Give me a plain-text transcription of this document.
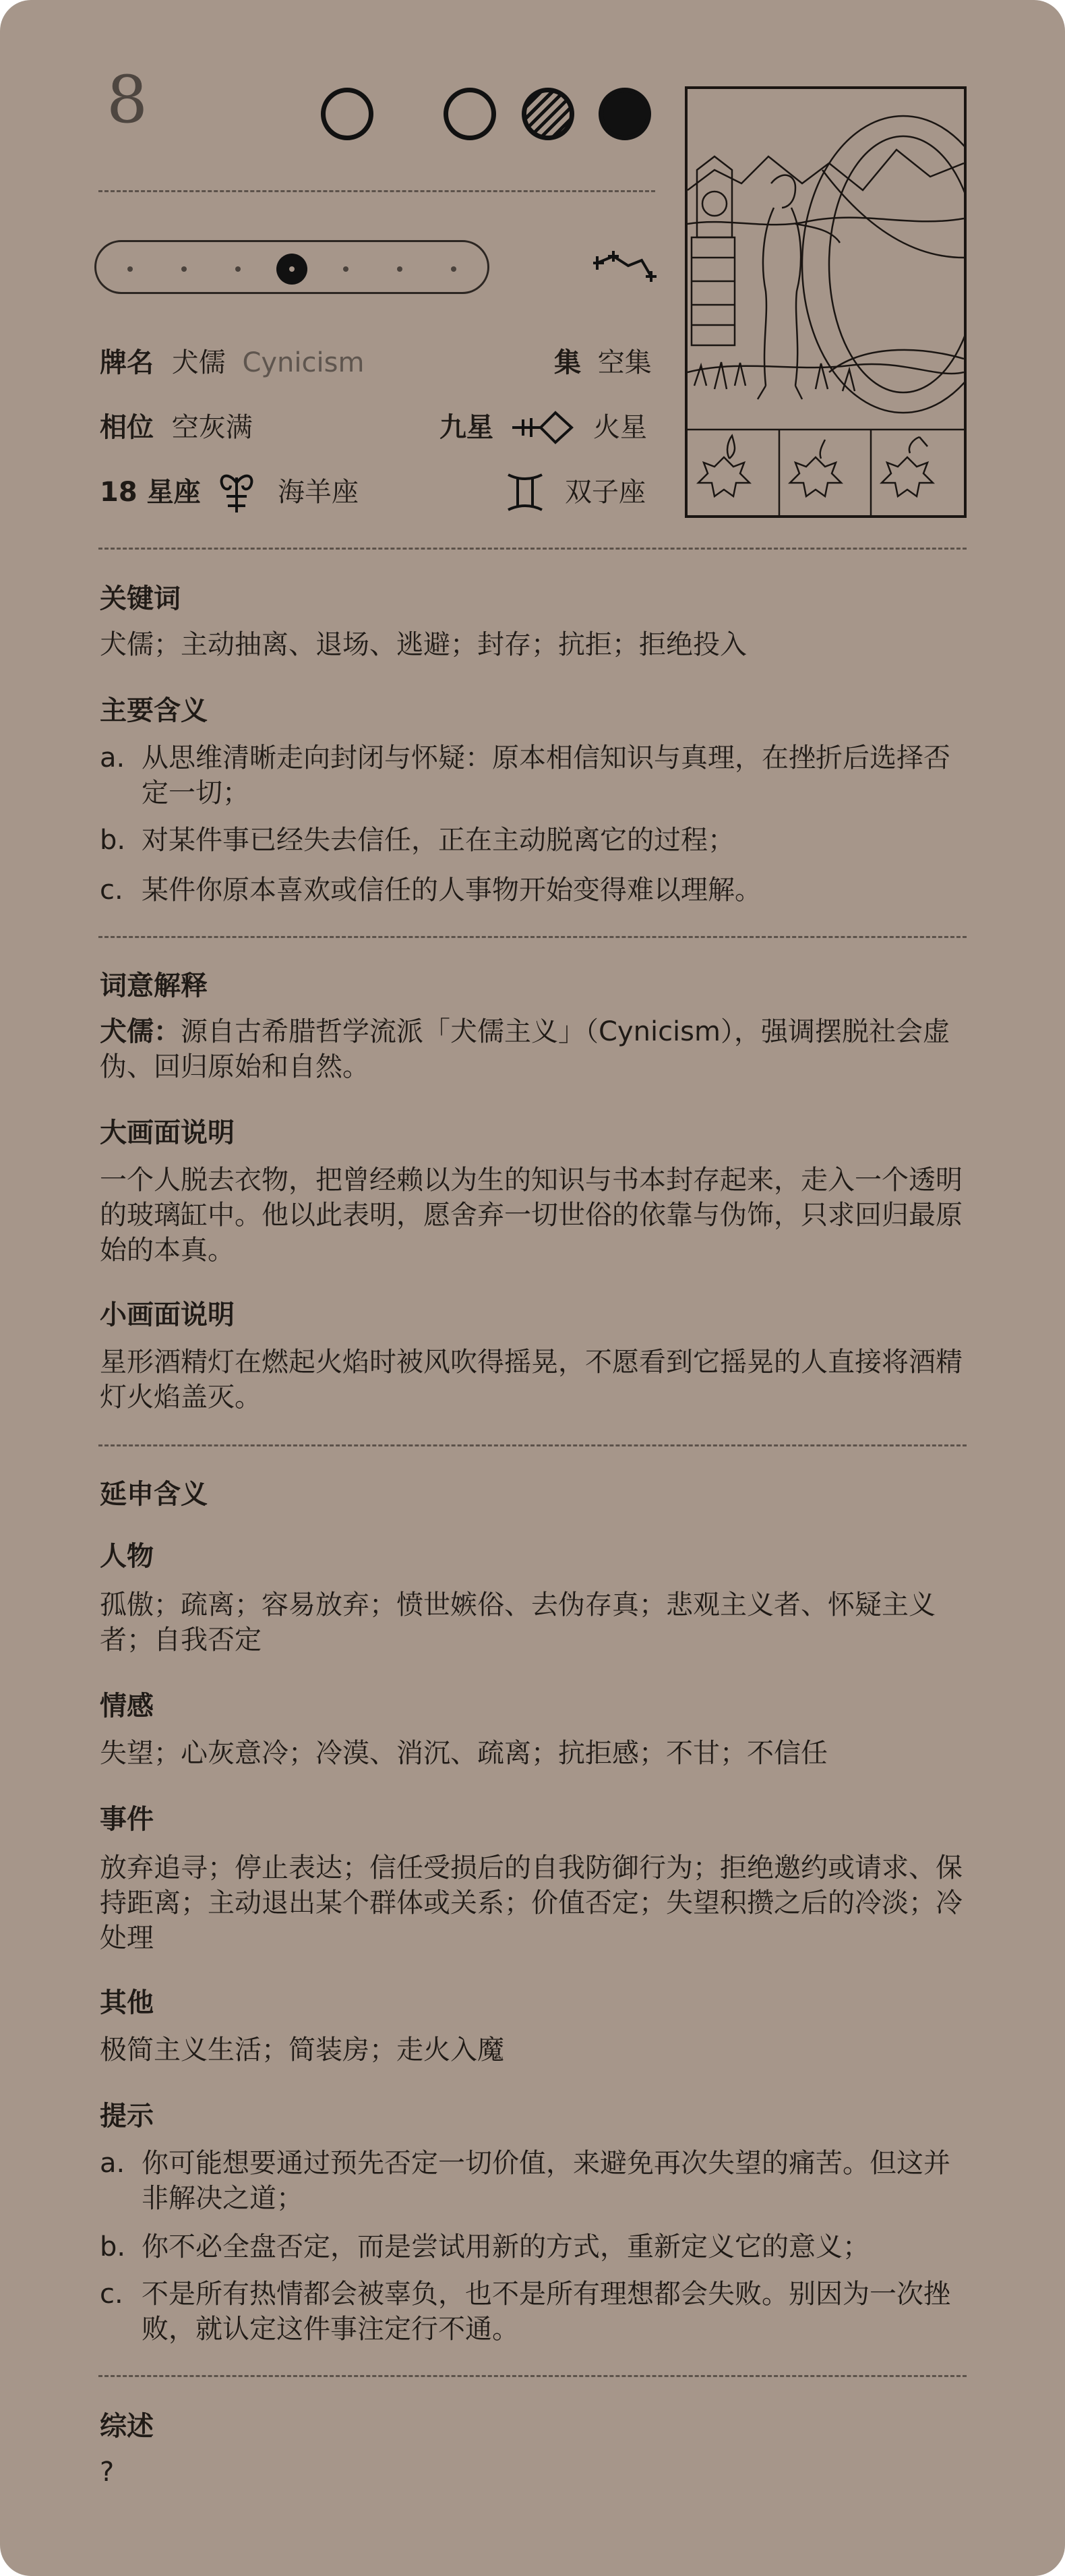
8
牌名 犬儒 Cynicism	集 空集
相位 空灰满	九星	火星
18 星座	海羊座	双子座
关键词
犬儒；主动抽离、退场、逃避；封存；抗拒；拒绝投入
主要含义
a. 从思维清晰走向封闭与怀疑：原本相信知识与真理，在挫折后选择否定一切；
b. 对某件事已经失去信任，正在主动脱离它的过程；
c. 某件你原本喜欢或信任的人事物开始变得难以理解。
词意解释
犬儒：源自古希腊哲学流派「犬儒主义」（Cynicism），强调摆脱社会虚伪、回归原始和自然。
大画面说明
一个人脱去衣物，把曾经赖以为生的知识与书本封存起来，走入一个透明的玻璃缸中。他以此表明，愿舍弃一切世俗的依靠与伪饰，只求回归最原始的本真。
小画面说明
星形酒精灯在燃起火焰时被风吹得摇晃，不愿看到它摇晃的人直接将酒精灯火焰盖灭。
延申含义
人物
孤傲；疏离；容易放弃；愤世嫉俗、去伪存真；悲观主义者、怀疑主义者；自我否定
情感
失望；心灰意冷；冷漠、消沉、疏离；抗拒感；不甘；不信任
事件
放弃追寻；停止表达；信任受损后的自我防御行为；拒绝邀约或请求、保持距离；主动退出某个群体或关系；价值否定；失望积攒之后的冷淡；冷处理
其他
极简主义生活；简装房；走火入魔
提示
a. 你可能想要通过预先否定一切价值，来避免再次失望的痛苦。但这并非解决之道；
b. 你不必全盘否定，而是尝试用新的方式，重新定义它的意义；
c. 不是所有热情都会被辜负，也不是所有理想都会失败。别因为一次挫败，就认定这件事注定行不通。
综述
?
